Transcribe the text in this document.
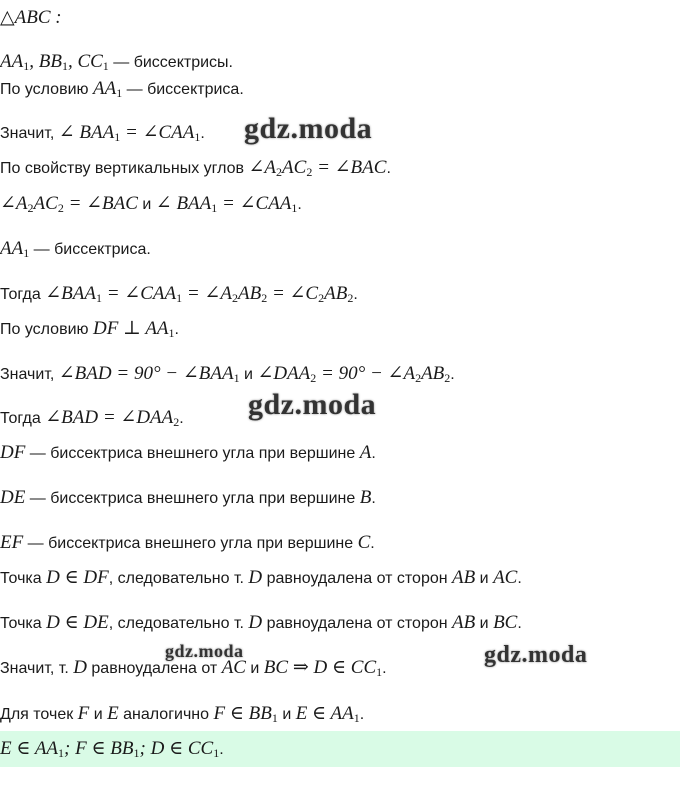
△ABC :
$AA_1$, $BB_1$, $CC_1$ — биссектрисы.
По условию $AA_1$ — биссектриса.
Значит, ∠ $BAA_1$ = $\angle CAA_1$.
По свойству вертикальных углов $\angle A_2AC_2$ = ∠BAC.
$\angle A_2AC_2$ = ∠BAC и ∠ $BAA_1$ = $\angle CAA_1$.
$AA_1$ — биссектриса.
Тогда $\angle BAA_1$ = $\angle CAA_1$ = $\angle A_2AB_2$ = $\angle C_2AB_2$.
По условию DF ⊥ $AA_1$.
Значит, ∠BAD = $90^\circ - \angle BAA_1$ и $\angle DAA_2 = 90^\circ$ − $\angle A_2AB_2$.
Тогда ∠BAD = $\angle DAA_2$.
DF — биссектриса внешнего угла при вершине A.
DE — биссектриса внешнего угла при вершине B.
EF — биссектриса внешнего угла при вершине C.
Точка D ∈ DF, следовательно т. D равноудалена от сторон AB и AC.
Точка D ∈ DE, следовательно т. D равноудалена от сторон AB и BC.
Значит, т. D равноудалена от AC и BC ⇒ D ∈ $CC_1$.
Для точек F и E аналогично F ∈ $BB_1$ и E ∈ $AA_1$.
E ∈ $AA_1$; F ∈ $BB_1$; D ∈ $CC_1$.
gdz.moda
gdz.moda
gdz.moda	gdz.moda
